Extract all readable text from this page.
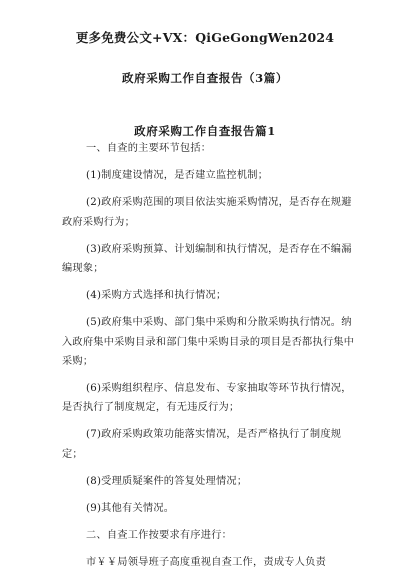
更多免费公文+VX：QiGeGongWen2024
政府采购工作自查报告（3篇）
政府采购工作自查报告篇1

一、自查的主要环节包括：

(1)制度建设情况，是否建立监控机制；

(2)政府采购范围的项目依法实施采购情况，是否存在规避政府采购行为；

(3)政府采购预算、计划编制和执行情况，是否存在不编漏编现象；

(4)采购方式选择和执行情况；

(5)政府集中采购、部门集中采购和分散采购执行情况。纳入政府集中采购目录和部门集中采购目录的项目是否都执行集中采购；

(6)采购组织程序、信息发布、专家抽取等环节执行情况，是否执行了制度规定，有无违反行为；

(7)政府采购政策功能落实情况，是否严格执行了制度规定；

(8)受理质疑案件的答复处理情况；

(9)其他有关情况。

二、自查工作按要求有序进行：

市￥￥局领导班子高度重视自查工作，责成专人负责
